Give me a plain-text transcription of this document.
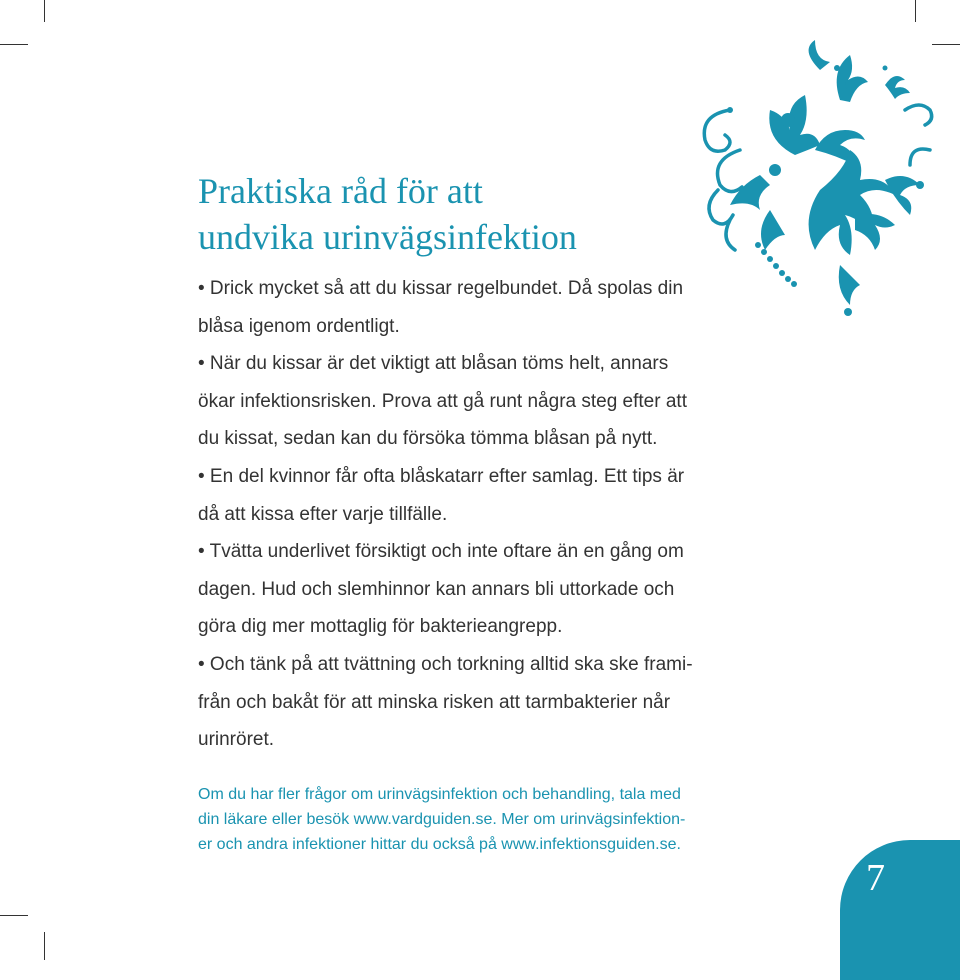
Praktiska råd för att
undvika urinvägsinfektion
• Drick mycket så att du kissar regelbundet. Då spolas din
blåsa igenom ordentligt.
• När du kissar är det viktigt att blåsan töms helt, annars
ökar infektionsrisken. Prova att gå runt några steg efter att
du kissat, sedan kan du försöka tömma blåsan på nytt.
• En del kvinnor får ofta blåskatarr efter samlag. Ett tips är
då att kissa efter varje tillfälle.
• Tvätta underlivet försiktigt och inte oftare än en gång om
dagen. Hud och slemhinnor kan annars bli uttorkade och
göra dig mer mottaglig för bakterieangrepp.
• Och tänk på att tvättning och torkning alltid ska ske frami-
från och bakåt för att minska risken att tarmbakterier når
urinröret.
Om du har fler frågor om urinvägsinfektion och behandling, tala med
din läkare eller besök www.vardguiden.se. Mer om urinvägsinfektion-
er och andra infektioner hittar du också på www.infektionsguiden.se.
7
